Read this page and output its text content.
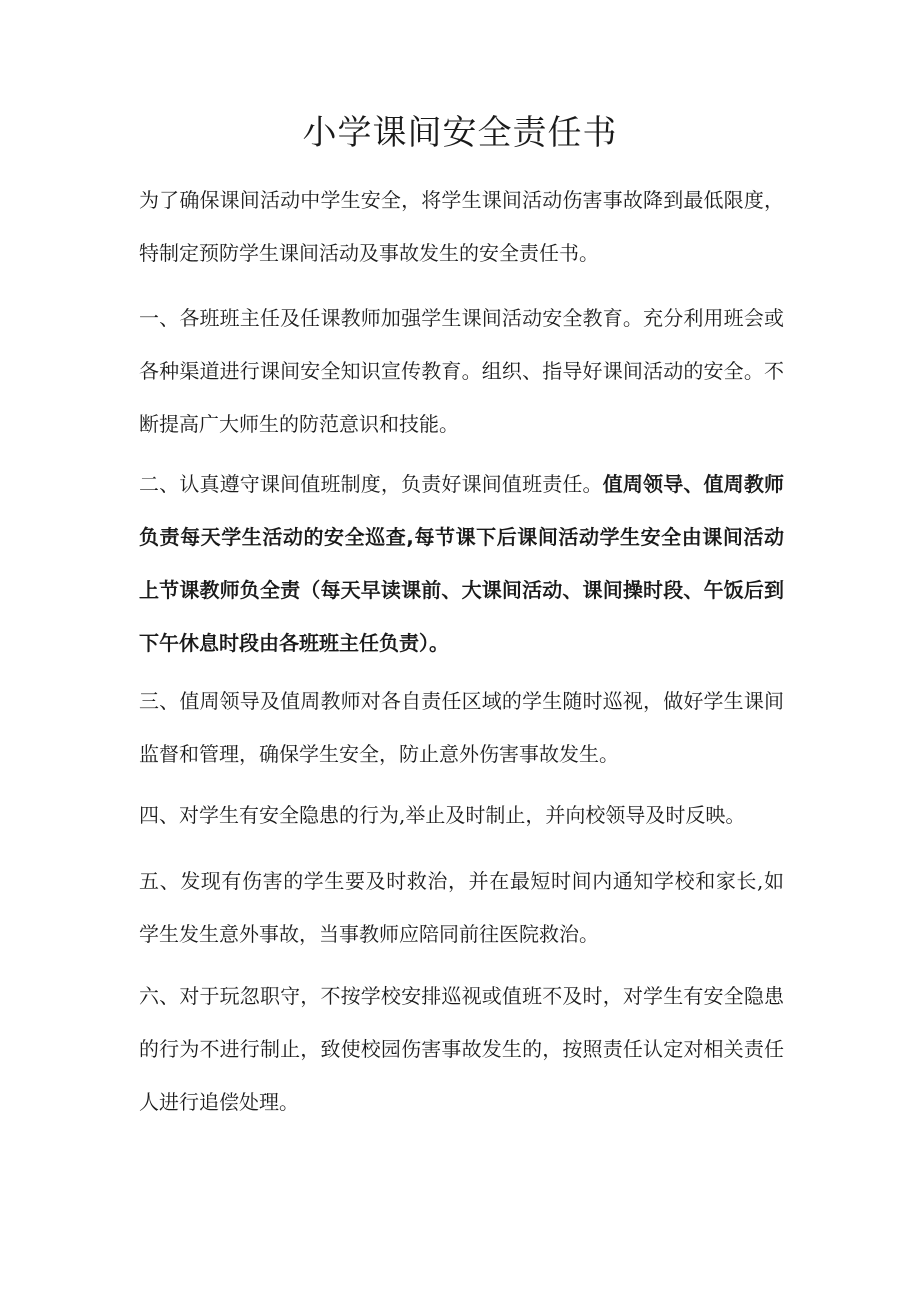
小学课间安全责任书

为了确保课间活动中学生安全，将学生课间活动伤害事故降到最低限度，特制定预防学生课间活动及事故发生的安全责任书。

一、各班班主任及任课教师加强学生课间活动安全教育。充分利用班会或各种渠道进行课间安全知识宣传教育。组织、指导好课间活动的安全。不断提高广大师生的防范意识和技能。

二、认真遵守课间值班制度，负责好课间值班责任。值周领导、值周教师负责每天学生活动的安全巡查,每节课下后课间活动学生安全由课间活动上节课教师负全责（每天早读课前、大课间活动、课间操时段、午饭后到下午休息时段由各班班主任负责）。

三、值周领导及值周教师对各自责任区域的学生随时巡视，做好学生课间监督和管理，确保学生安全，防止意外伤害事故发生。

四、对学生有安全隐患的行为,举止及时制止，并向校领导及时反映。

五、发现有伤害的学生要及时救治，并在最短时间内通知学校和家长,如学生发生意外事故，当事教师应陪同前往医院救治。

六、对于玩忽职守，不按学校安排巡视或值班不及时，对学生有安全隐患的行为不进行制止，致使校园伤害事故发生的，按照责任认定对相关责任人进行追偿处理。
